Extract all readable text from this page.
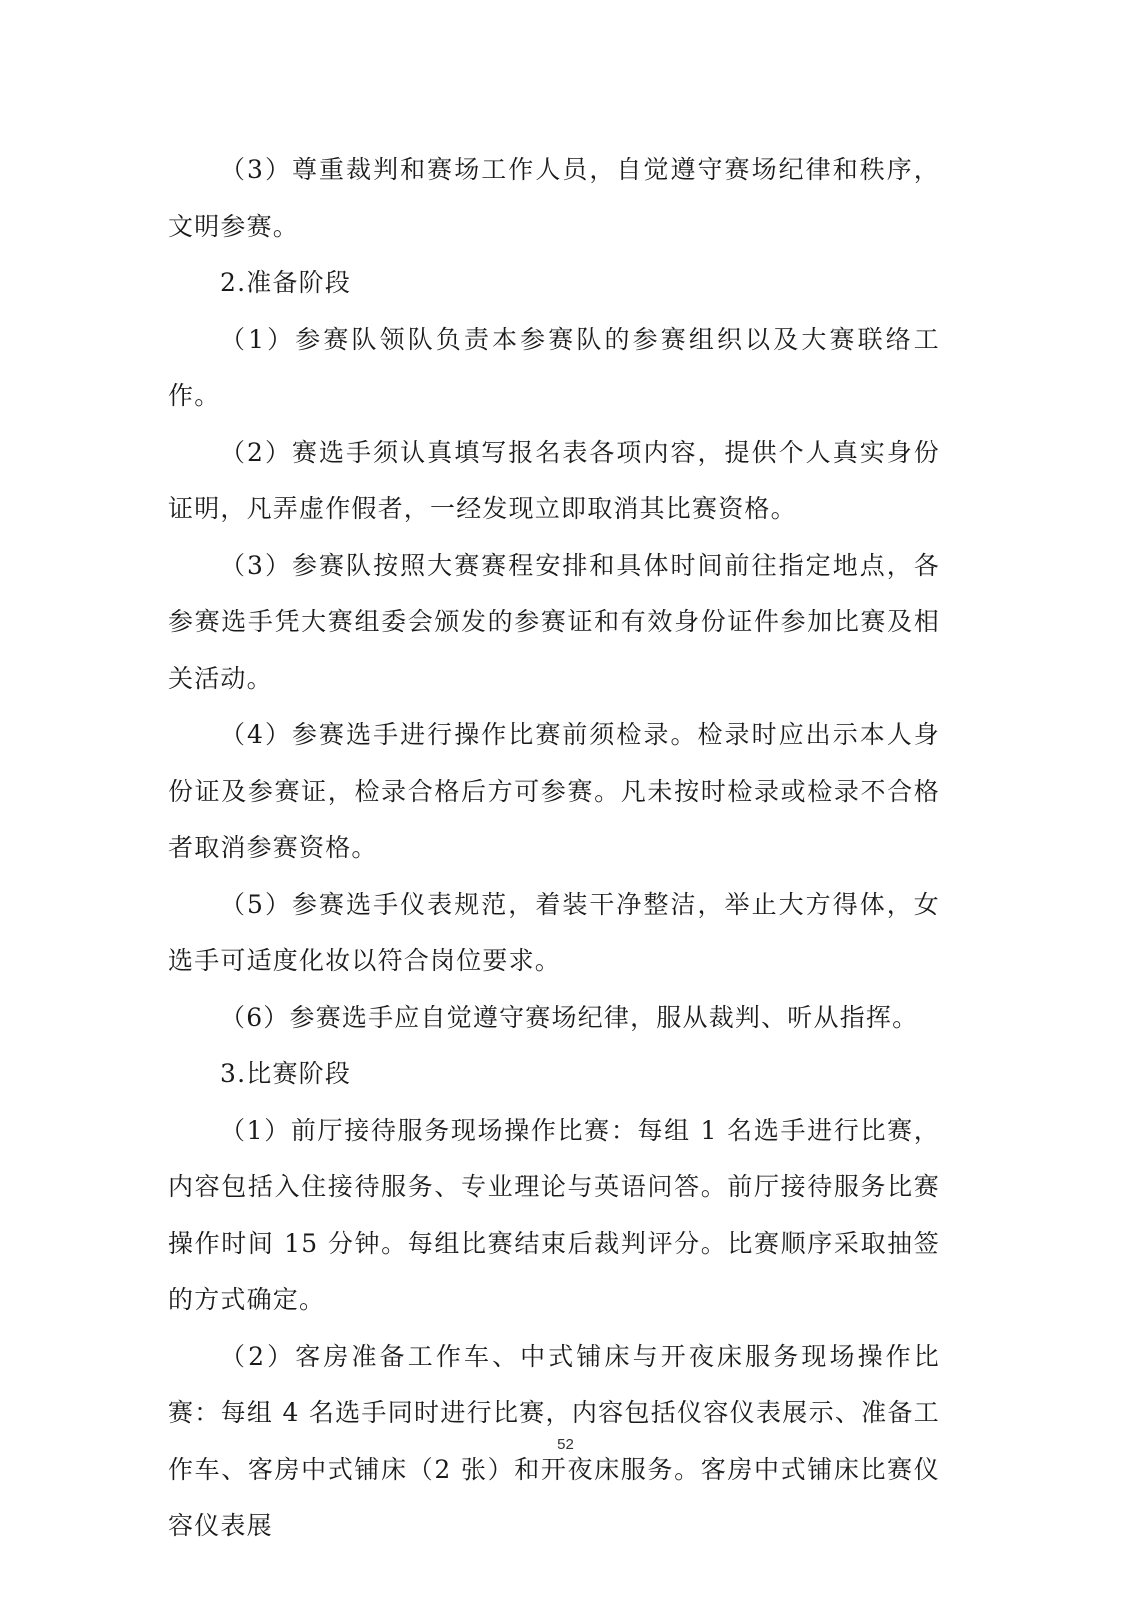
（3）尊重裁判和赛场工作人员，自觉遵守赛场纪律和秩序，文明参赛。

2.准备阶段

（1）参赛队领队负责本参赛队的参赛组织以及大赛联络工作。

（2）赛选手须认真填写报名表各项内容，提供个人真实身份证明，凡弄虚作假者，一经发现立即取消其比赛资格。

（3）参赛队按照大赛赛程安排和具体时间前往指定地点，各参赛选手凭大赛组委会颁发的参赛证和有效身份证件参加比赛及相关活动。

（4）参赛选手进行操作比赛前须检录。检录时应出示本人身份证及参赛证，检录合格后方可参赛。凡未按时检录或检录不合格者取消参赛资格。

（5）参赛选手仪表规范，着装干净整洁，举止大方得体，女选手可适度化妆以符合岗位要求。

（6）参赛选手应自觉遵守赛场纪律，服从裁判、听从指挥。

3.比赛阶段

（1）前厅接待服务现场操作比赛：每组 1 名选手进行比赛，内容包括入住接待服务、专业理论与英语问答。前厅接待服务比赛操作时间 15 分钟。每组比赛结束后裁判评分。比赛顺序采取抽签的方式确定。

（2）客房准备工作车、中式铺床与开夜床服务现场操作比赛：每组 4 名选手同时进行比赛，内容包括仪容仪表展示、准备工作车、客房中式铺床（2 张）和开夜床服务。客房中式铺床比赛仪容仪表展

52
